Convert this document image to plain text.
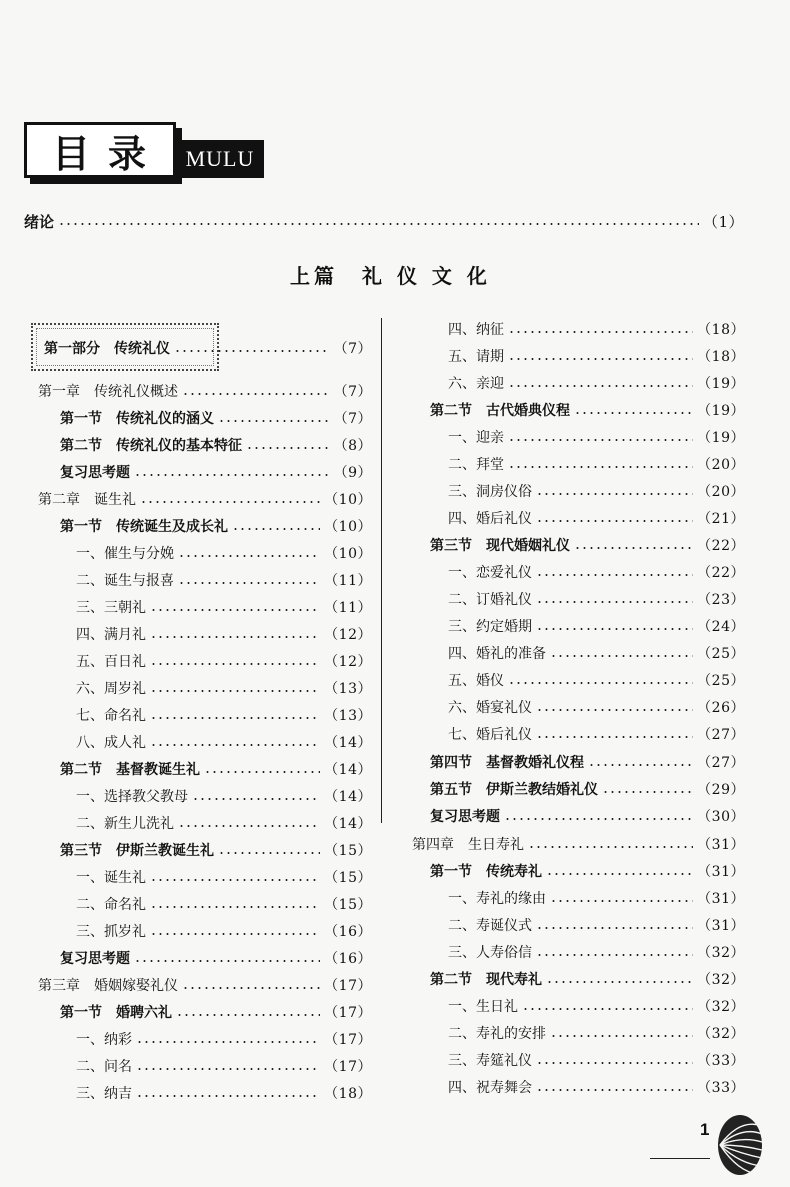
目录 MULU
绪论	（1）
上篇　礼 仪 文 化
第一部分　传统礼仪	（7）
第一章　传统礼仪概述	（7）
第一节　传统礼仪的涵义	（7）
第二节　传统礼仪的基本特征	（8）
复习思考题	（9）
第二章　诞生礼	（10）
第一节　传统诞生及成长礼	（10）
一、催生与分娩	（10）
二、诞生与报喜	（11）
三、三朝礼	（11）
四、满月礼	（12）
五、百日礼	（12）
六、周岁礼	（13）
七、命名礼	（13）
八、成人礼	（14）
第二节　基督教诞生礼	（14）
一、选择教父教母	（14）
二、新生儿洗礼	（14）
第三节　伊斯兰教诞生礼	（15）
一、诞生礼	（15）
二、命名礼	（15）
三、抓岁礼	（16）
复习思考题	（16）
第三章　婚姻嫁娶礼仪	（17）
第一节　婚聘六礼	（17）
一、纳彩	（17）
二、问名	（17）
三、纳吉	（18）
四、纳征	（18）
五、请期	（18）
六、亲迎	（19）
第二节　古代婚典仪程	（19）
一、迎亲	（19）
二、拜堂	（20）
三、洞房仪俗	（20）
四、婚后礼仪	（21）
第三节　现代婚姻礼仪	（22）
一、恋爱礼仪	（22）
二、订婚礼仪	（23）
三、约定婚期	（24）
四、婚礼的准备	（25）
五、婚仪	（25）
六、婚宴礼仪	（26）
七、婚后礼仪	（27）
第四节　基督教婚礼仪程	（27）
第五节　伊斯兰教结婚礼仪	（29）
复习思考题	（30）
第四章　生日寿礼	（31）
第一节　传统寿礼	（31）
一、寿礼的缘由	（31）
二、寿诞仪式	（31）
三、人寿俗信	（32）
第二节　现代寿礼	（32）
一、生日礼	（32）
二、寿礼的安排	（32）
三、寿筵礼仪	（33）
四、祝寿舞会	（33）
1
